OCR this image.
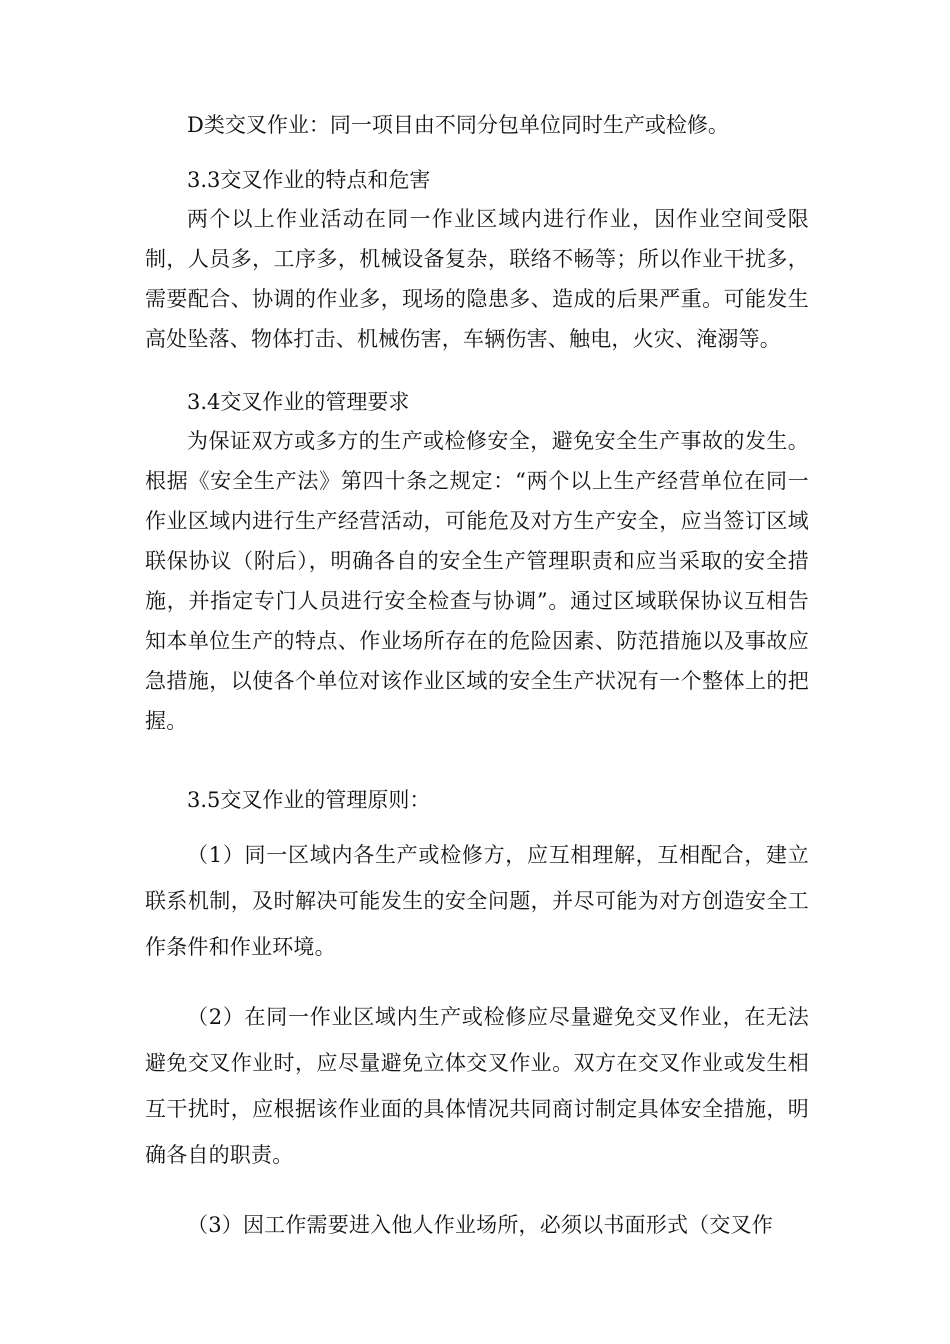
D类交叉作业：同一项目由不同分包单位同时生产或检修。

3.3交叉作业的特点和危害

两个以上作业活动在同一作业区域内进行作业，因作业空间受限制，人员多，工序多，机械设备复杂，联络不畅等；所以作业干扰多，需要配合、协调的作业多，现场的隐患多、造成的后果严重。可能发生高处坠落、物体打击、机械伤害，车辆伤害、触电，火灾、淹溺等。

3.4交叉作业的管理要求

为保证双方或多方的生产或检修安全，避免安全生产事故的发生。根据《安全生产法》第四十条之规定：“两个以上生产经营单位在同一作业区域内进行生产经营活动，可能危及对方生产安全，应当签订区域联保协议（附后），明确各自的安全生产管理职责和应当采取的安全措施，并指定专门人员进行安全检查与协调”。通过区域联保协议互相告知本单位生产的特点、作业场所存在的危险因素、防范措施以及事故应急措施，以使各个单位对该作业区域的安全生产状况有一个整体上的把握。

3.5交叉作业的管理原则：

（1）同一区域内各生产或检修方，应互相理解，互相配合，建立联系机制，及时解决可能发生的安全问题，并尽可能为对方创造安全工作条件和作业环境。

（2）在同一作业区域内生产或检修应尽量避免交叉作业，在无法避免交叉作业时，应尽量避免立体交叉作业。双方在交叉作业或发生相互干扰时，应根据该作业面的具体情况共同商讨制定具体安全措施，明确各自的职责。

（3）因工作需要进入他人作业场所，必须以书面形式（交叉作
